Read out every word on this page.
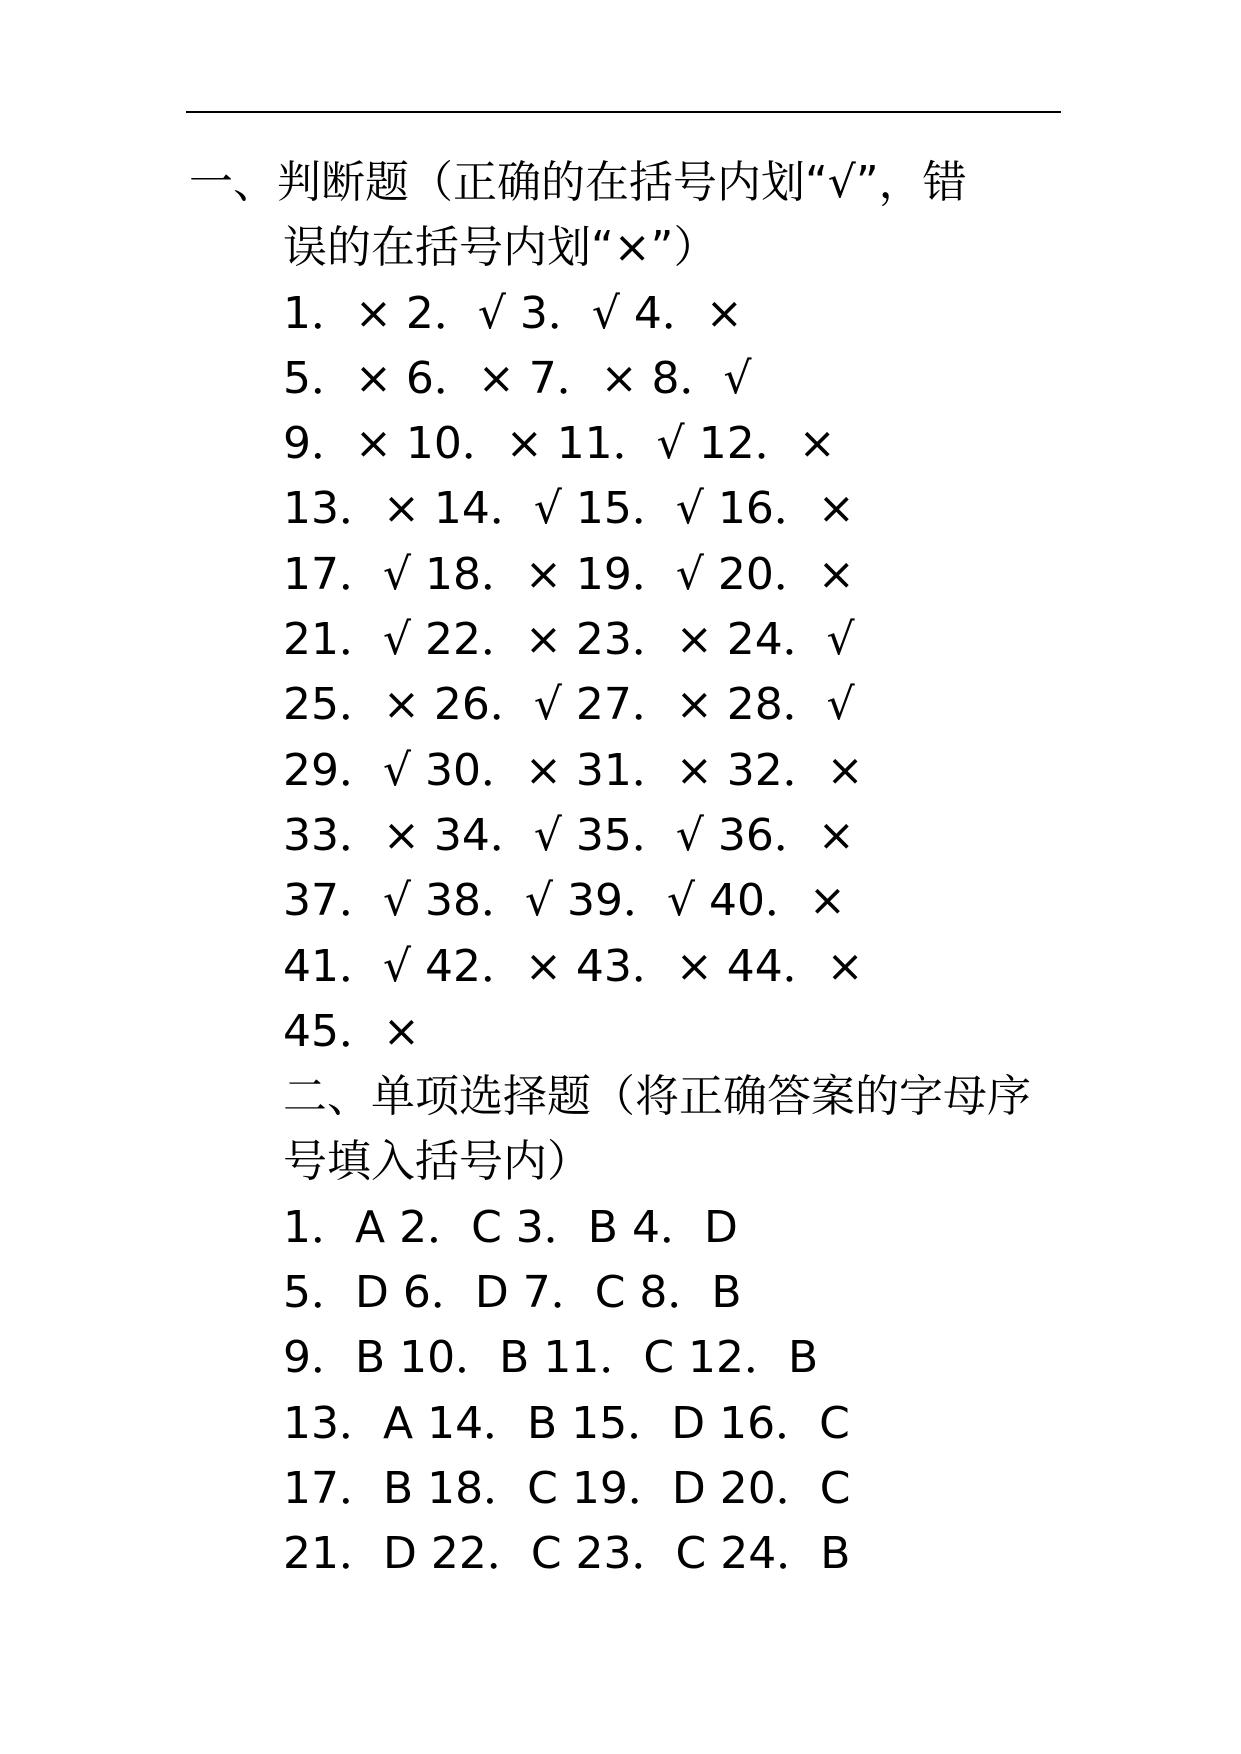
一、判断题（正确的在括号内划“√”，错
误的在括号内划“×”）
1．× 2．√ 3．√ 4．×
5．× 6．× 7．× 8．√
9．× 10．× 11．√ 12．×
13．× 14．√ 15．√ 16．×
17．√ 18．× 19．√ 20．×
21．√ 22．× 23．× 24．√
25．× 26．√ 27．× 28．√
29．√ 30．× 31．× 32．×
33．× 34．√ 35．√ 36．×
37．√ 38．√ 39．√ 40．×
41．√ 42．× 43．× 44．×
45．×
二、单项选择题（将正确答案的字母序
号填入括号内）
1．A 2．C 3．B 4．D
5．D 6．D 7．C 8．B
9．B 10．B 11．C 12．B
13．A 14．B 15．D 16．C
17．B 18．C 19．D 20．C
21．D 22．C 23．C 24．B
